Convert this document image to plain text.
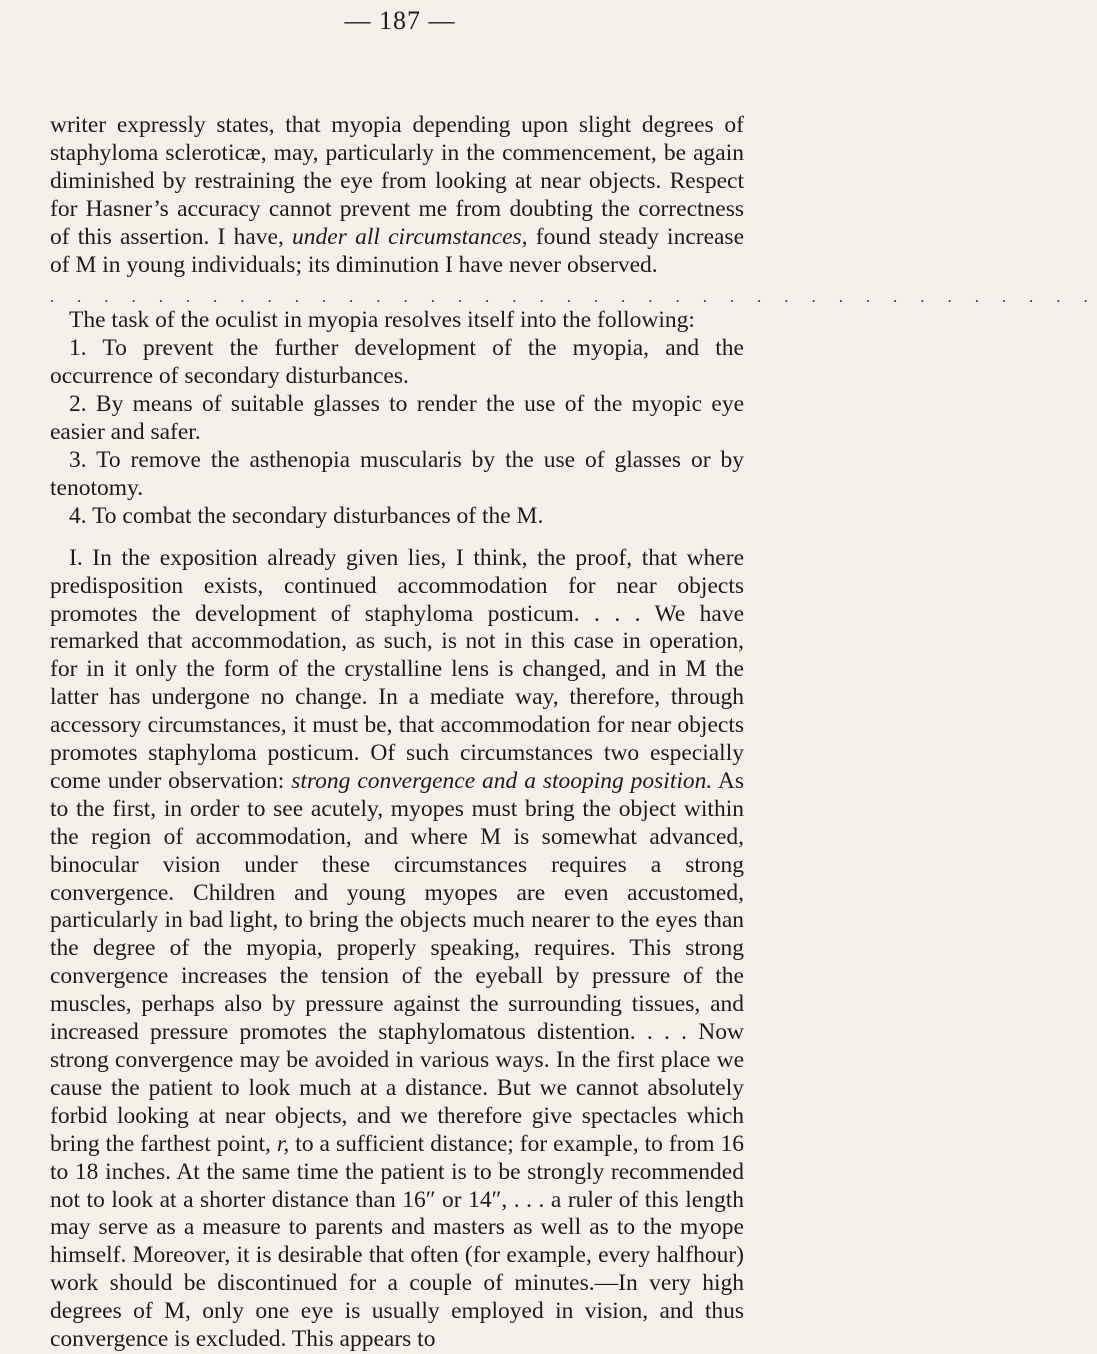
— 187 —

writer expressly states, that myopia depending upon slight degrees of staphyloma scleroticæ, may, particularly in the commencement, be again diminished by restraining the eye from looking at near objects. Respect for Hasner’s accuracy cannot prevent me from doubting the correctness of this assertion. I have, under all circumstances, found steady increase of M in young individuals; its diminution I have never observed.

. . . . . . . . . . . . . . . . . . . . . . . . . . . . . . . . . . . . . . .

The task of the oculist in myopia resolves itself into the following:

1. To prevent the further development of the myopia, and the occurrence of secondary disturbances.

2. By means of suitable glasses to render the use of the myopic eye easier and safer.

3. To remove the asthenopia muscularis by the use of glasses or by tenotomy.

4. To combat the secondary disturbances of the M.

I. In the exposition already given lies, I think, the proof, that where predisposition exists, continued accommodation for near objects promotes the development of staphyloma posticum. . . . We have remarked that accommodation, as such, is not in this case in operation, for in it only the form of the crystalline lens is changed, and in M the latter has undergone no change. In a mediate way, therefore, through accessory circumstances, it must be, that accommodation for near objects promotes staphyloma posticum. Of such circumstances two especially come under observation: strong convergence and a stooping position. As to the first, in order to see acutely, myopes must bring the object within the region of accommodation, and where M is somewhat advanced, binocular vision under these circumstances requires a strong convergence. Children and young myopes are even accustomed, particularly in bad light, to bring the objects much nearer to the eyes than the degree of the myopia, properly speaking, requires. This strong convergence increases the tension of the eyeball by pressure of the muscles, perhaps also by pressure against the surrounding tissues, and increased pressure promotes the staphylomatous distention. . . . Now strong convergence may be avoided in various ways. In the first place we cause the patient to look much at a distance. But we cannot absolutely forbid looking at near objects, and we therefore give spectacles which bring the farthest point, r, to a sufficient distance; for example, to from 16 to 18 inches. At the same time the patient is to be strongly recommended not to look at a shorter distance than 16″ or 14″, . . . a ruler of this length may serve as a measure to parents and masters as well as to the myope himself. Moreover, it is desirable that often (for example, every halfhour) work should be discontinued for a couple of minutes.—In very high degrees of M, only one eye is usually employed in vision, and thus convergence is excluded. This appears to
